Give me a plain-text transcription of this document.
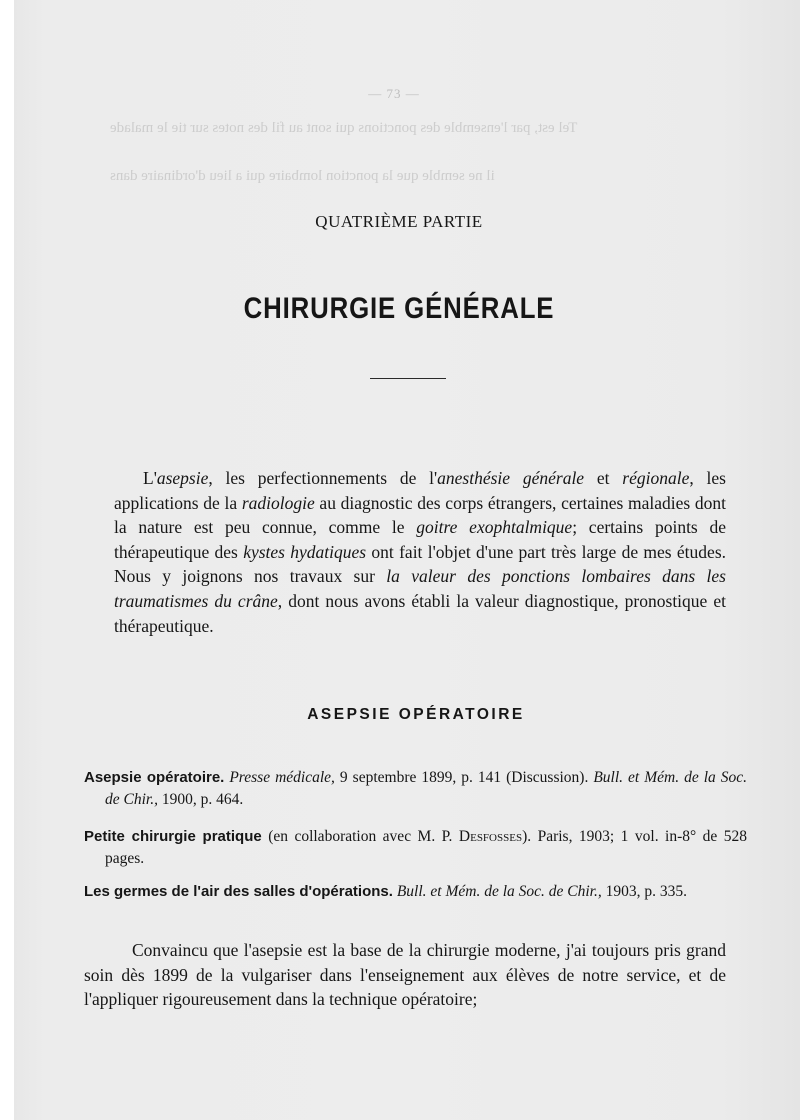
Tel est, par l'ensemble des ponctions qui sont au fil des notes sur tie le malade
il ne semble que la ponction lombaire qui a lieu d'ordinaire dans
— 73 —
QUATRIÈME PARTIE
CHIRURGIE GÉNÉRALE

L'asepsie, les perfectionnements de l'anesthésie générale et régionale, les applications de la radiologie au diagnostic des corps étrangers, certaines maladies dont la nature est peu connue, comme le goitre exophtalmique; certains points de thérapeutique des kystes hydatiques ont fait l'objet d'une part très large de mes études. Nous y joignons nos travaux sur la valeur des ponctions lombaires dans les traumatismes du crâne, dont nous avons établi la valeur diagnostique, pronostique et thérapeutique.

ASEPSIE OPÉRATOIRE

Asepsie opératoire. Presse médicale, 9 septembre 1899, p. 141 (Discussion). Bull. et Mém. de la Soc. de Chir., 1900, p. 464.

Petite chirurgie pratique (en collaboration avec M. P. Desfosses). Paris, 1903; 1 vol. in-8° de 528 pages.

Les germes de l'air des salles d'opérations. Bull. et Mém. de la Soc. de Chir., 1903, p. 335.

Convaincu que l'asepsie est la base de la chirurgie moderne, j'ai toujours pris grand soin dès 1899 de la vulgariser dans l'enseignement aux élèves de notre service, et de l'appliquer rigoureusement dans la technique opératoire;
